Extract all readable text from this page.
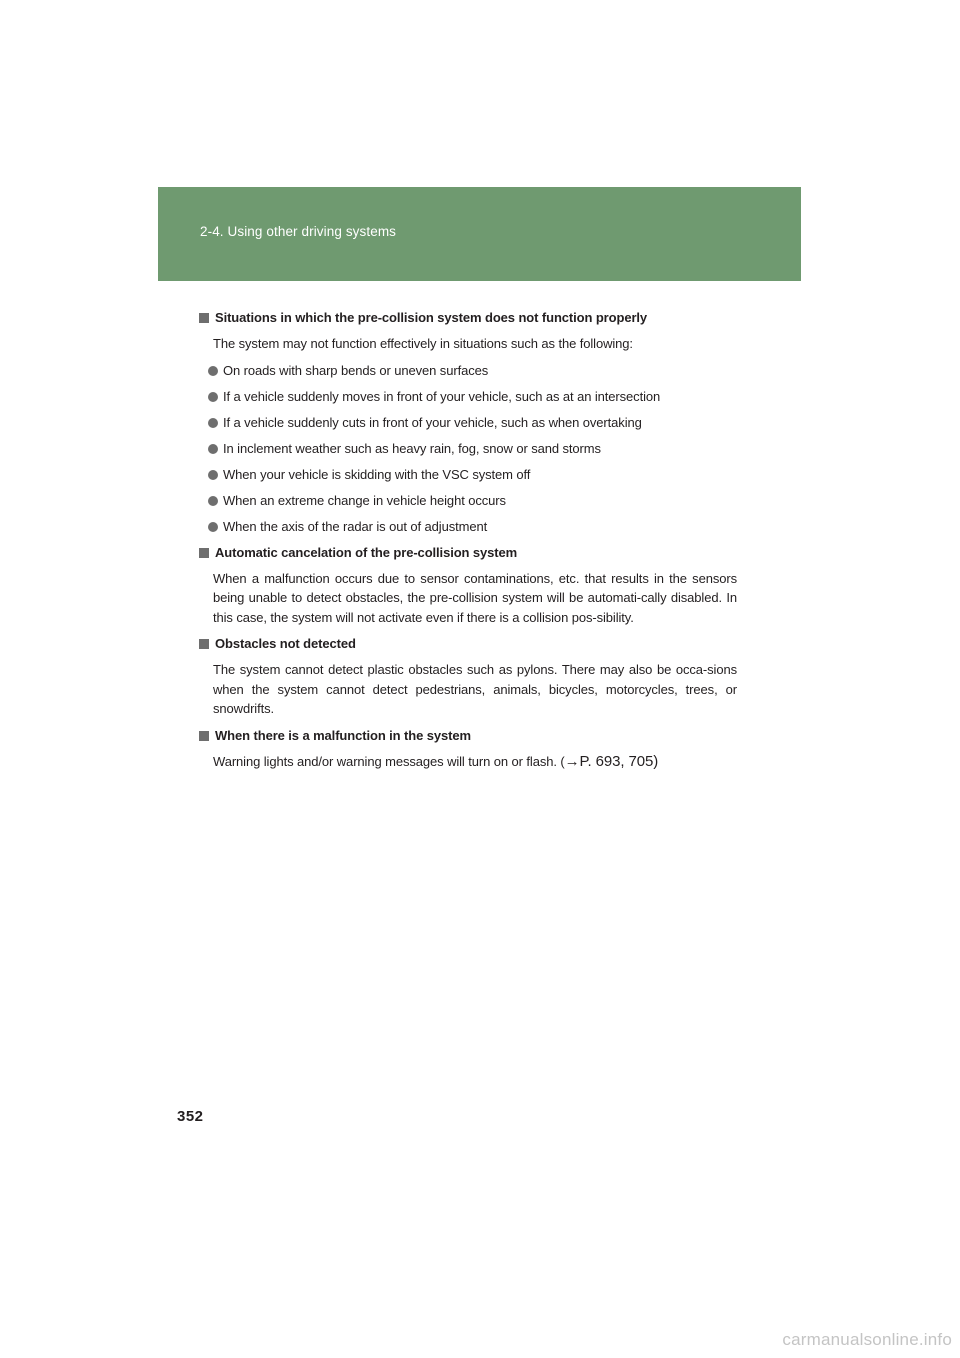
2-4. Using other driving systems
Situations in which the pre-collision system does not function properly

The system may not function effectively in situations such as the following:

On roads with sharp bends or uneven surfaces
If a vehicle suddenly moves in front of your vehicle, such as at an intersection
If a vehicle suddenly cuts in front of your vehicle, such as when overtaking
In inclement weather such as heavy rain, fog, snow or sand storms
When your vehicle is skidding with the VSC system off
When an extreme change in vehicle height occurs
When the axis of the radar is out of adjustment
Automatic cancelation of the pre-collision system

When a malfunction occurs due to sensor contaminations, etc. that results in the sensors being unable to detect obstacles, the pre-collision system will be automati-cally disabled. In this case, the system will not activate even if there is a collision pos-sibility.

Obstacles not detected

The system cannot detect plastic obstacles such as pylons. There may also be occa-sions when the system cannot detect pedestrians, animals, bicycles, motorcycles, trees, or snowdrifts.

When there is a malfunction in the system

Warning lights and/or warning messages will turn on or flash. (→P. 693, 705)

352
carmanualsonline.info
